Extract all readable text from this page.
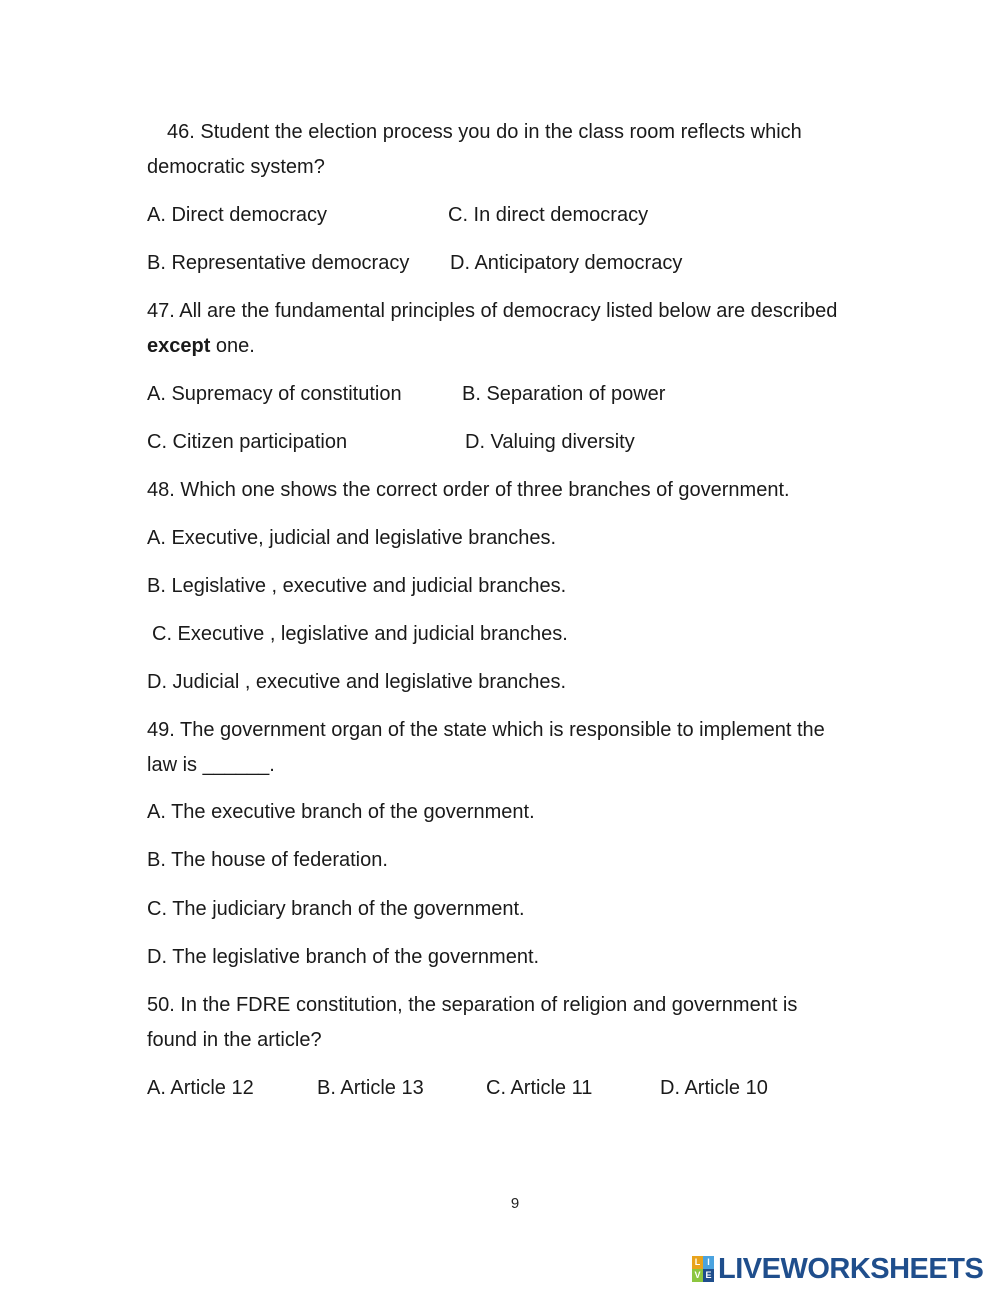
46. Student the election process you do in the class room reflects which
democratic system?
A. Direct democracy	C. In direct democracy
B. Representative democracy D. Anticipatory democracy
47. All are the fundamental principles of democracy listed below are described
except one.
A. Supremacy of constitution	B. Separation of power
C. Citizen participation	D. Valuing diversity
48. Which one shows the correct order of three branches of government.
A. Executive, judicial and legislative branches.
B. Legislative , executive and judicial branches.
C. Executive , legislative and judicial branches.
D. Judicial , executive and legislative branches.
49. The government organ of the state which is responsible to implement the
law is ______.
A. The executive branch of the government.
B. The house of federation.
C. The judiciary branch of the government.
D. The legislative branch of the government.
50. In the FDRE constitution, the separation of religion and government is
found in the article?
A. Article 12	B. Article 13	C. Article 11	D. Article 10
9
L I
V E LIVEWORKSHEETS
